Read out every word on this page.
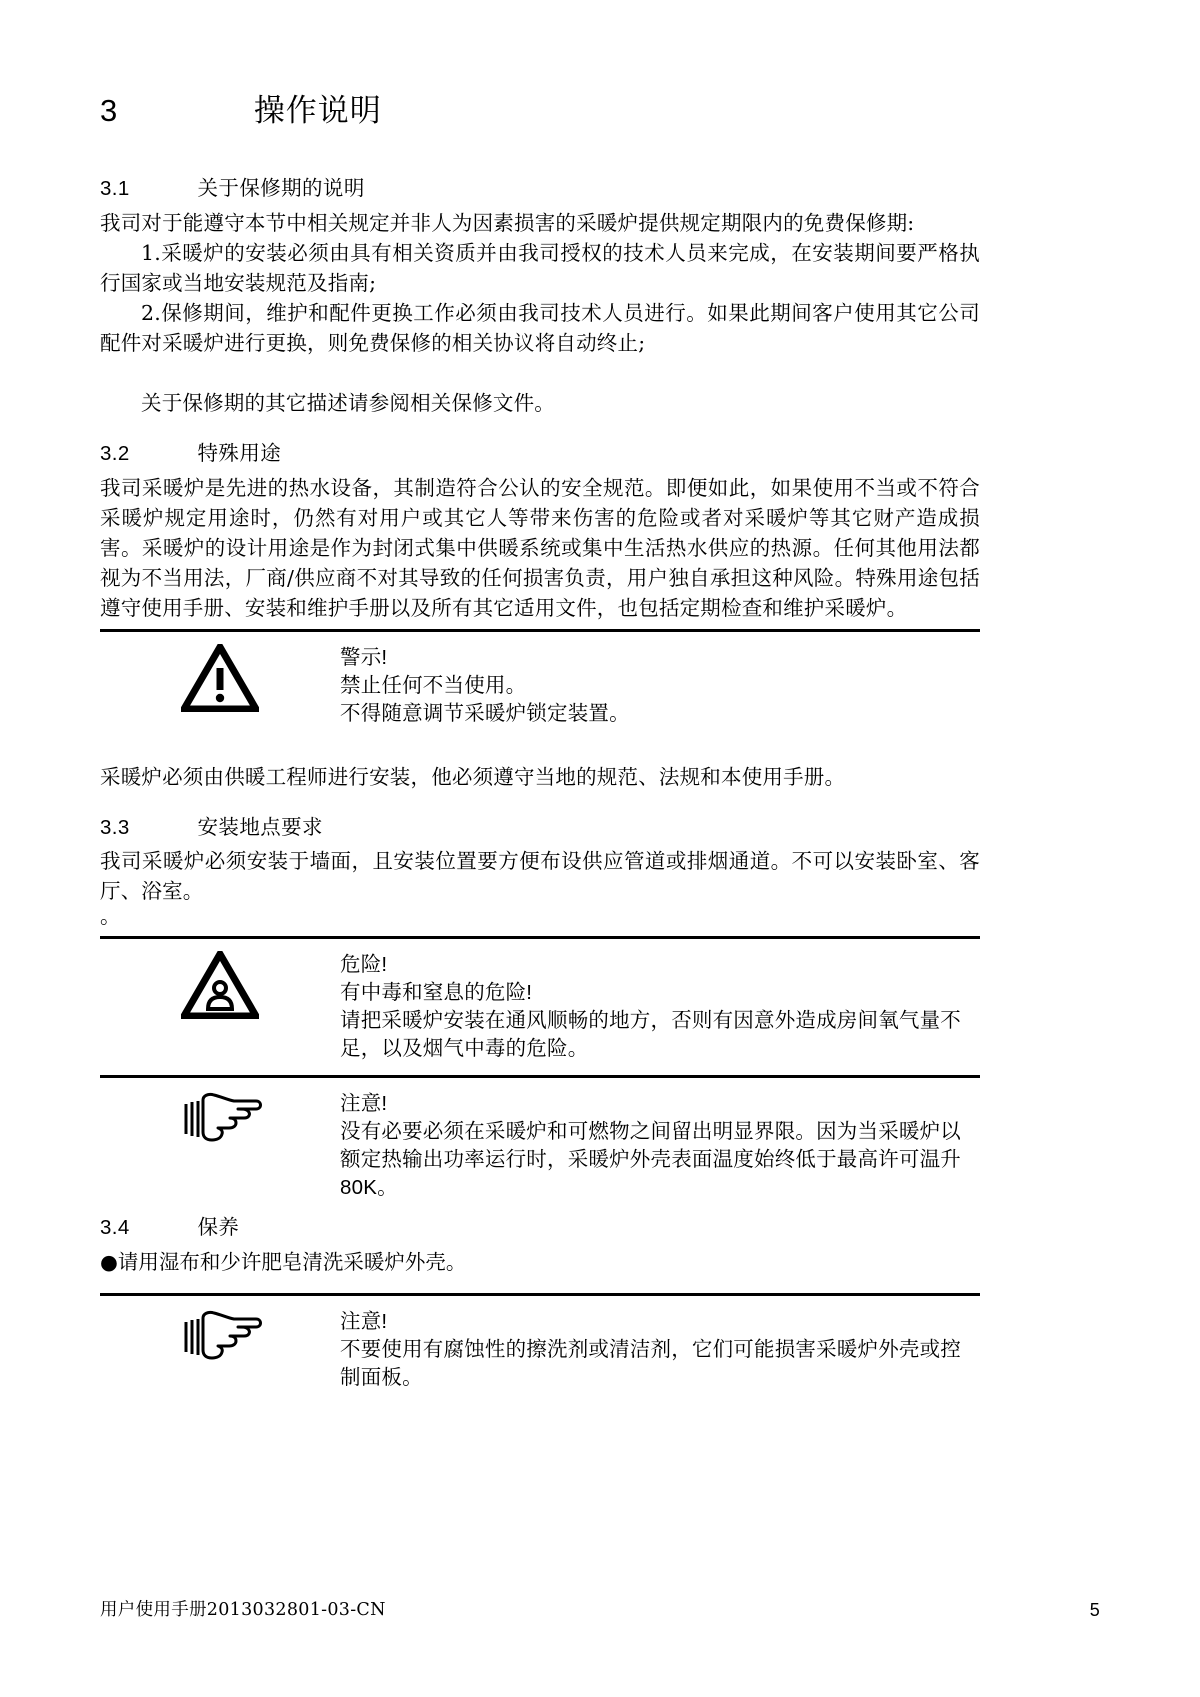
3			操作说明
3.1			关于保修期的说明

我司对于能遵守本节中相关规定并非人为因素损害的采暖炉提供规定期限内的免费保修期:

1.采暖炉的安装必须由具有相关资质并由我司授权的技术人员来完成，在安装期间要严格执行国家或当地安装规范及指南;

2.保修期间，维护和配件更换工作必须由我司技术人员进行。如果此期间客户使用其它公司配件对采暖炉进行更换，则免费保修的相关协议将自动终止;

关于保修期的其它描述请参阅相关保修文件。

3.2			特殊用途

我司采暖炉是先进的热水设备，其制造符合公认的安全规范。即便如此，如果使用不当或不符合采暖炉规定用途时，仍然有对用户或其它人等带来伤害的危险或者对采暖炉等其它财产造成损害。采暖炉的设计用途是作为封闭式集中供暖系统或集中生活热水供应的热源。任何其他用法都视为不当用法，厂商/供应商不对其导致的任何损害负责，用户独自承担这种风险。特殊用途包括遵守使用手册、安装和维护手册以及所有其它适用文件，也包括定期检查和维护采暖炉。

警示!
禁止任何不当使用。
不得随意调节采暖炉锁定装置。

采暖炉必须由供暖工程师进行安装，他必须遵守当地的规范、法规和本使用手册。

3.3			安装地点要求

我司采暖炉必须安装于墙面，且安装位置要方便布设供应管道或排烟通道。不可以安装卧室、客厅、浴室。

。

危险!
有中毒和窒息的危险!
请把采暖炉安装在通风顺畅的地方，否则有因意外造成房间氧气量不足，以及烟气中毒的危险。
注意!
没有必要必须在采暖炉和可燃物之间留出明显界限。因为当采暖炉以额定热输出功率运行时，采暖炉外壳表面温度始终低于最高许可温升80K。
3.4			保养

●请用湿布和少许肥皂清洗采暖炉外壳。

注意!
不要使用有腐蚀性的擦洗剂或清洁剂，它们可能损害采暖炉外壳或控制面板。
用户使用手册2013032801-03-CN	5
